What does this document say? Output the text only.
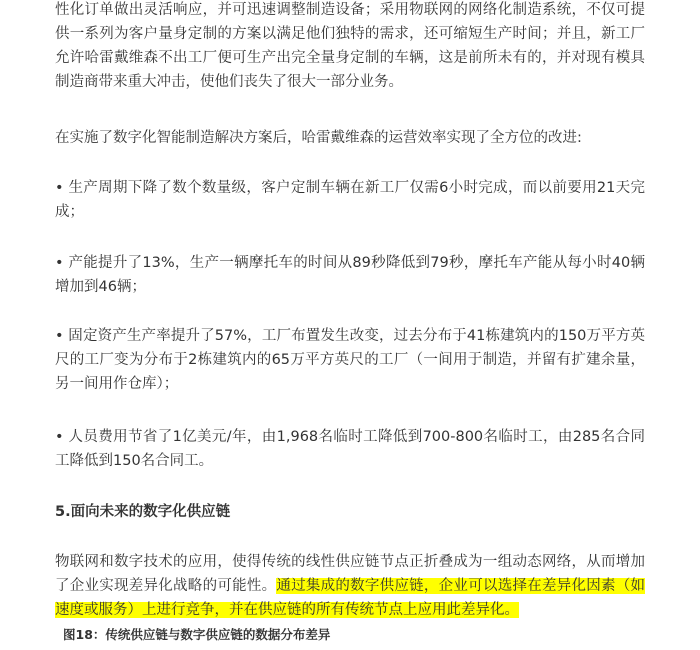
性化订单做出灵活响应，并可迅速调整制造设备；采用物联网的网络化制造系统，不仅可提供一系列为客户量身定制的方案以满足他们独特的需求，还可缩短生产时间；并且，新工厂允许哈雷戴维森不出工厂便可生产出完全量身定制的车辆，这是前所未有的，并对现有模具制造商带来重大冲击，使他们丧失了很大一部分业务。

在实施了数字化智能制造解决方案后，哈雷戴维森的运营效率实现了全方位的改进:

• 生产周期下降了数个数量级，客户定制车辆在新工厂仅需6小时完成，而以前要用21天完成；

• 产能提升了13%，生产一辆摩托车的时间从89秒降低到79秒，摩托车产能从每小时40辆增加到46辆；

• 固定资产生产率提升了57%，工厂布置发生改变，过去分布于41栋建筑内的150万平方英尺的工厂变为分布于2栋建筑内的65万平方英尺的工厂（一间用于制造，并留有扩建余量，另一间用作仓库）；

• 人员费用节省了1亿美元/年，由1,968名临时工降低到700-800名临时工，由285名合同工降低到150名合同工。

5.面向未来的数字化供应链

物联网和数字技术的应用，使得传统的线性供应链节点正折叠成为一组动态网络，从而增加了企业实现差异化战略的可能性。通过集成的数字供应链，企业可以选择在差异化因素（如速度或服务）上进行竞争，并在供应链的所有传统节点上应用此差异化。

图18：传统供应链与数字供应链的数据分布差异
